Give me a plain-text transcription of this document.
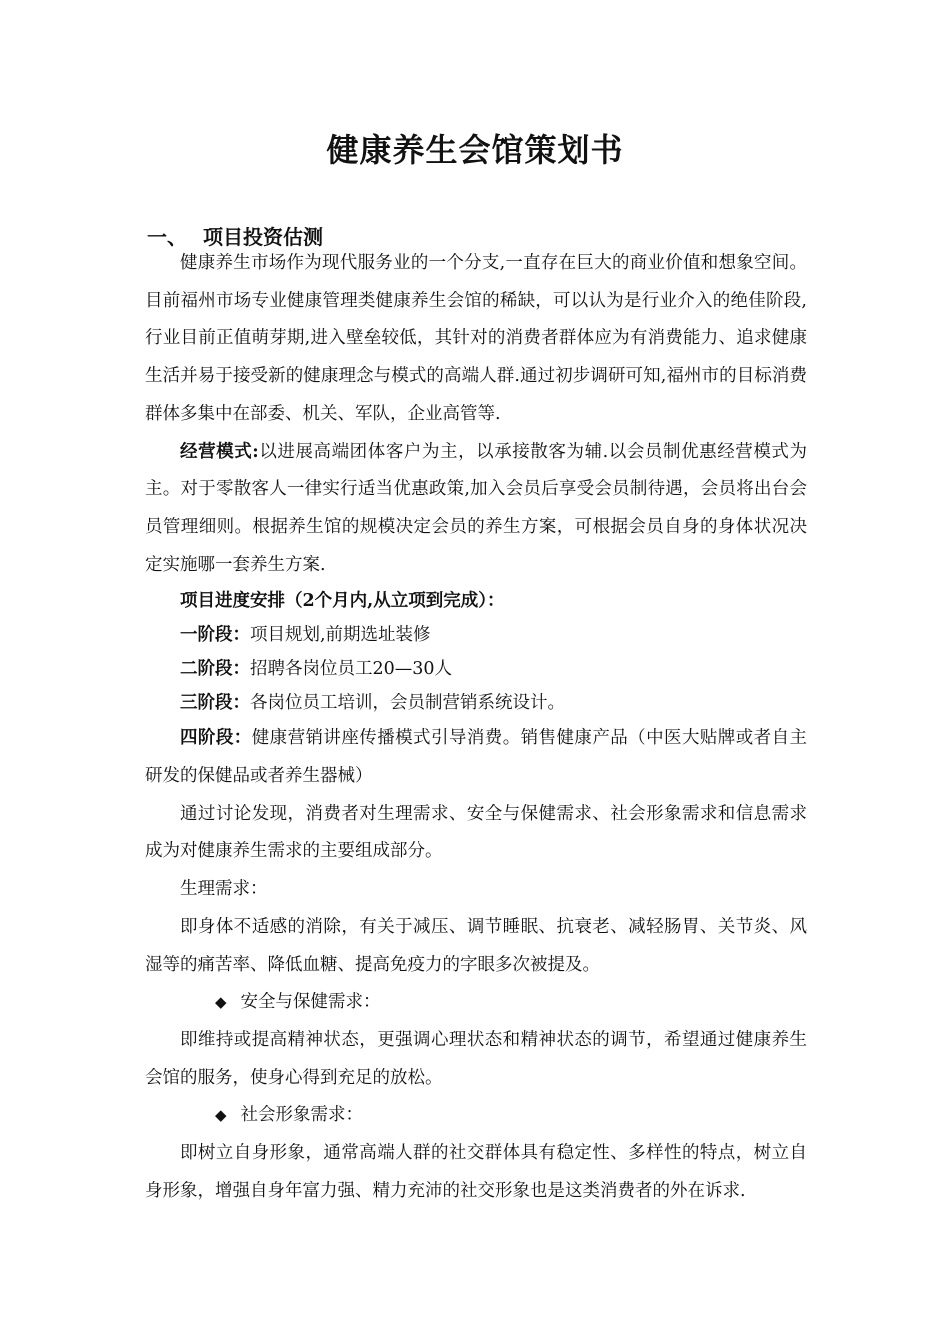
健康养生会馆策划书
一、 项目投资估测

健康养生市场作为现代服务业的一个分支,一直存在巨大的商业价值和想象空间。目前福州市场专业健康管理类健康养生会馆的稀缺，可以认为是行业介入的绝佳阶段,行业目前正值萌芽期,进入壁垒较低，其针对的消费者群体应为有消费能力、追求健康生活并易于接受新的健康理念与模式的高端人群.通过初步调研可知,福州市的目标消费群体多集中在部委、机关、军队，企业高管等.

经营模式:以进展高端团体客户为主，以承接散客为辅.以会员制优惠经营模式为主。对于零散客人一律实行适当优惠政策,加入会员后享受会员制待遇，会员将出台会员管理细则。根据养生馆的规模决定会员的养生方案，可根据会员自身的身体状况决定实施哪一套养生方案.

项目进度安排（2个月内,从立项到完成）：

一阶段：项目规划,前期选址装修

二阶段：招聘各岗位员工20—30人

三阶段：各岗位员工培训，会员制营销系统设计。

四阶段：健康营销讲座传播模式引导消费。销售健康产品（中医大贴牌或者自主研发的保健品或者养生器械）

通过讨论发现，消费者对生理需求、安全与保健需求、社会形象需求和信息需求成为对健康养生需求的主要组成部分。

生理需求：

即身体不适感的消除，有关于减压、调节睡眠、抗衰老、减轻肠胃、关节炎、风湿等的痛苦率、降低血糖、提高免疫力的字眼多次被提及。

◆ 安全与保健需求：

即维持或提高精神状态，更强调心理状态和精神状态的调节，希望通过健康养生会馆的服务，使身心得到充足的放松。

◆ 社会形象需求：

即树立自身形象，通常高端人群的社交群体具有稳定性、多样性的特点，树立自身形象，增强自身年富力强、精力充沛的社交形象也是这类消费者的外在诉求.
